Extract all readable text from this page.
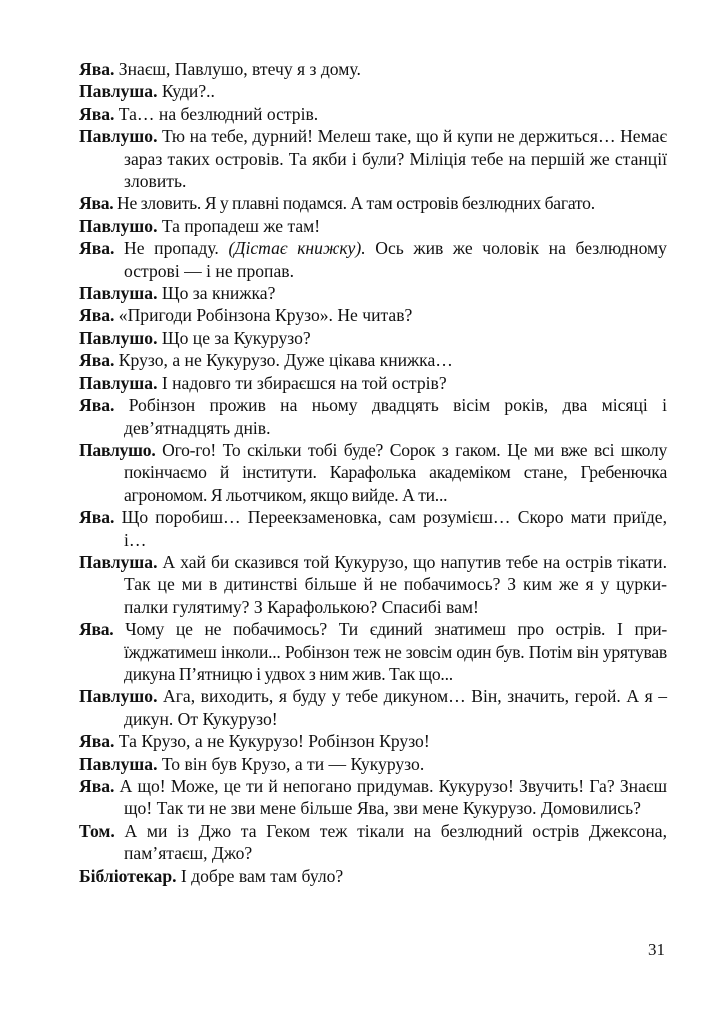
Ява. Знаєш, Павлушо, втечу я з дому.

Павлуша. Куди?..

Ява. Та… на безлюдний острів.

Павлушо. Тю на тебе, дурний! Мелеш таке, що й купи не держиться… Немає зараз таких островів. Та якби і були? Міліція тебе на першій же станції зловить.

Ява. Не зловить. Я у плавні подамся. А там островів безлюдних багато.

Павлушо. Та пропадеш же там!

Ява. Не пропаду. (Дістає книжку). Ось жив же чоловік на безлюдному острові — і не пропав.

Павлуша. Що за книжка?

Ява. «Пригоди Робінзона Крузо». Не читав?

Павлушо. Що це за Кукурузо?

Ява. Крузо, а не Кукурузо. Дуже цікава книжка…

Павлуша. І надовго ти збираєшся на той острів?

Ява. Робінзон прожив на ньому двадцять вісім років, два місяці і дев’ятнадцять днів.

Павлушо. Ого-го! То скільки тобі буде? Сорок з гаком. Це ми вже всі школу покінчаємо й інститути. Карафолька академіком стане, Гребенючка агрономом. Я льотчиком, якщо вийде. А ти...

Ява. Що поробиш… Переекзаменовка, сам розумієш… Скоро мати приїде, і…

Павлуша. А хай би сказився той Кукурузо, що напутив тебе на острів тікати. Так це ми в дитинстві більше й не побачимось? З ким же я у цурки-палки гулятиму? З Карафолькою? Спасибі вам!

Ява. Чому це не побачимось? Ти єдиний знатимеш про острів. І при-їжджатимеш інколи... Робінзон теж не зовсім один був. Потім він урятував дикуна П’ятницю і удвох з ним жив. Так що...

Павлушо. Ага, виходить, я буду у тебе дикуном… Він, значить, герой. А я – дикун. От Кукурузо!

Ява. Та Крузо, а не Кукурузо! Робінзон Крузо!

Павлуша. То він був Крузо, а ти — Кукурузо.

Ява. А що! Може, це ти й непогано придумав. Кукурузо! Звучить! Га? Знаєш що! Так ти не зви мене більше Ява, зви мене Кукурузо. Домовились?

Том. А ми із Джо та Геком теж тікали на безлюдний острів Джексона, пам’ятаєш, Джо?

Бібліотекар. І добре вам там було?

31
